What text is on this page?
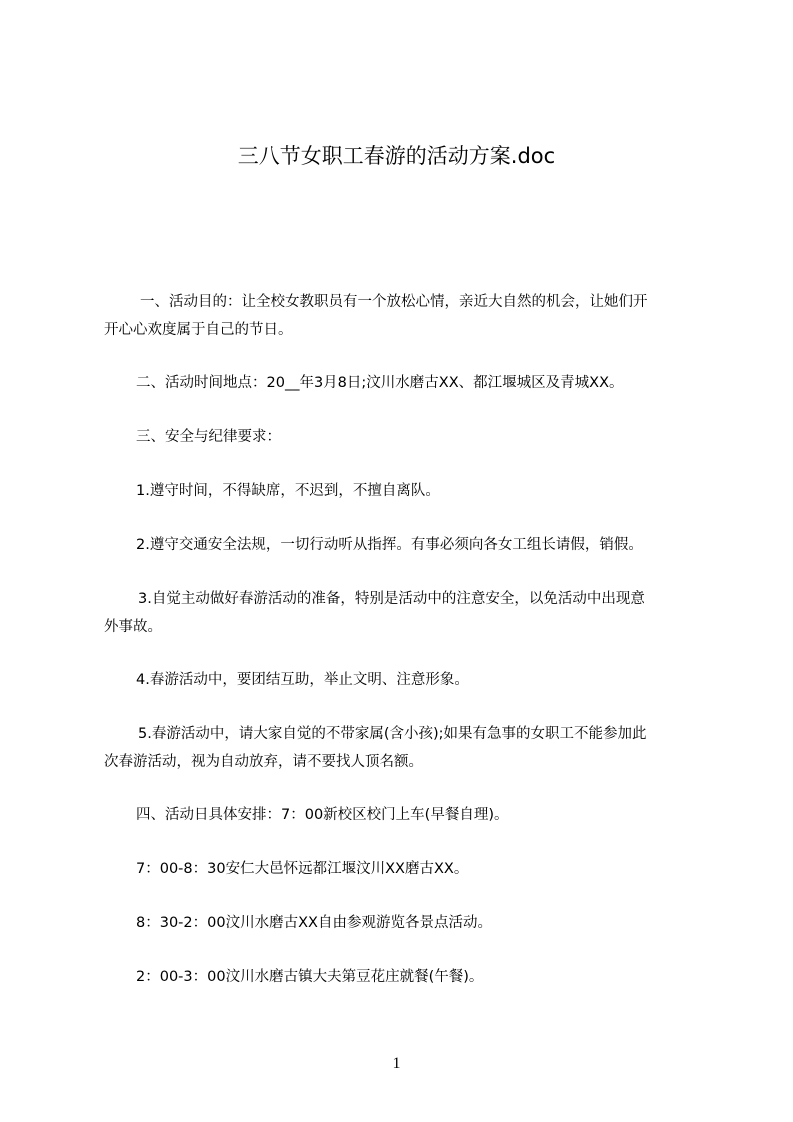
三八节女职工春游的活动方案.doc

一、活动目的：让全校女教职员有一个放松心情，亲近大自然的机会，让她们开
开心心欢度属于自己的节日。

二、活动时间地点：20__年3月8日;汶川水磨古XX、都江堰城区及青城XX。

三、安全与纪律要求：

1.遵守时间，不得缺席，不迟到，不擅自离队。

2.遵守交通安全法规，一切行动听从指挥。有事必须向各女工组长请假，销假。

3.自觉主动做好春游活动的准备，特别是活动中的注意安全，以免活动中出现意
外事故。

4.春游活动中，要团结互助，举止文明、注意形象。

5.春游活动中，请大家自觉的不带家属(含小孩);如果有急事的女职工不能参加此
次春游活动，视为自动放弃，请不要找人顶名额。

四、活动日具体安排：7：00新校区校门上车(早餐自理)。

7：00-8：30安仁大邑怀远都江堰汶川XX磨古XX。

8：30-2：00汶川水磨古XX自由参观游览各景点活动。

2：00-3：00汶川水磨古镇大夫第豆花庄就餐(午餐)。

1
